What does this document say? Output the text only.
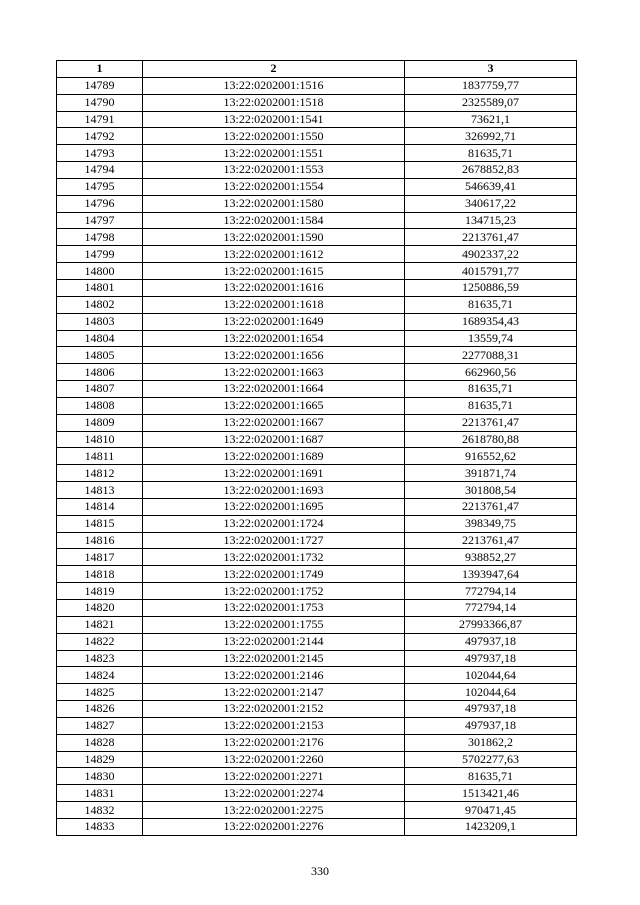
1	2	3
14789	13:22:0202001:1516	1837759,77
14790	13:22:0202001:1518	2325589,07
14791	13:22:0202001:1541	73621,1
14792	13:22:0202001:1550	326992,71
14793	13:22:0202001:1551	81635,71
14794	13:22:0202001:1553	2678852,83
14795	13:22:0202001:1554	546639,41
14796	13:22:0202001:1580	340617,22
14797	13:22:0202001:1584	134715,23
14798	13:22:0202001:1590	2213761,47
14799	13:22:0202001:1612	4902337,22
14800	13:22:0202001:1615	4015791,77
14801	13:22:0202001:1616	1250886,59
14802	13:22:0202001:1618	81635,71
14803	13:22:0202001:1649	1689354,43
14804	13:22:0202001:1654	13559,74
14805	13:22:0202001:1656	2277088,31
14806	13:22:0202001:1663	662960,56
14807	13:22:0202001:1664	81635,71
14808	13:22:0202001:1665	81635,71
14809	13:22:0202001:1667	2213761,47
14810	13:22:0202001:1687	2618780,88
14811	13:22:0202001:1689	916552,62
14812	13:22:0202001:1691	391871,74
14813	13:22:0202001:1693	301808,54
14814	13:22:0202001:1695	2213761,47
14815	13:22:0202001:1724	398349,75
14816	13:22:0202001:1727	2213761,47
14817	13:22:0202001:1732	938852,27
14818	13:22:0202001:1749	1393947,64
14819	13:22:0202001:1752	772794,14
14820	13:22:0202001:1753	772794,14
14821	13:22:0202001:1755	27993366,87
14822	13:22:0202001:2144	497937,18
14823	13:22:0202001:2145	497937,18
14824	13:22:0202001:2146	102044,64
14825	13:22:0202001:2147	102044,64
14826	13:22:0202001:2152	497937,18
14827	13:22:0202001:2153	497937,18
14828	13:22:0202001:2176	301862,2
14829	13:22:0202001:2260	5702277,63
14830	13:22:0202001:2271	81635,71
14831	13:22:0202001:2274	1513421,46
14832	13:22:0202001:2275	970471,45
14833	13:22:0202001:2276	1423209,1
330
